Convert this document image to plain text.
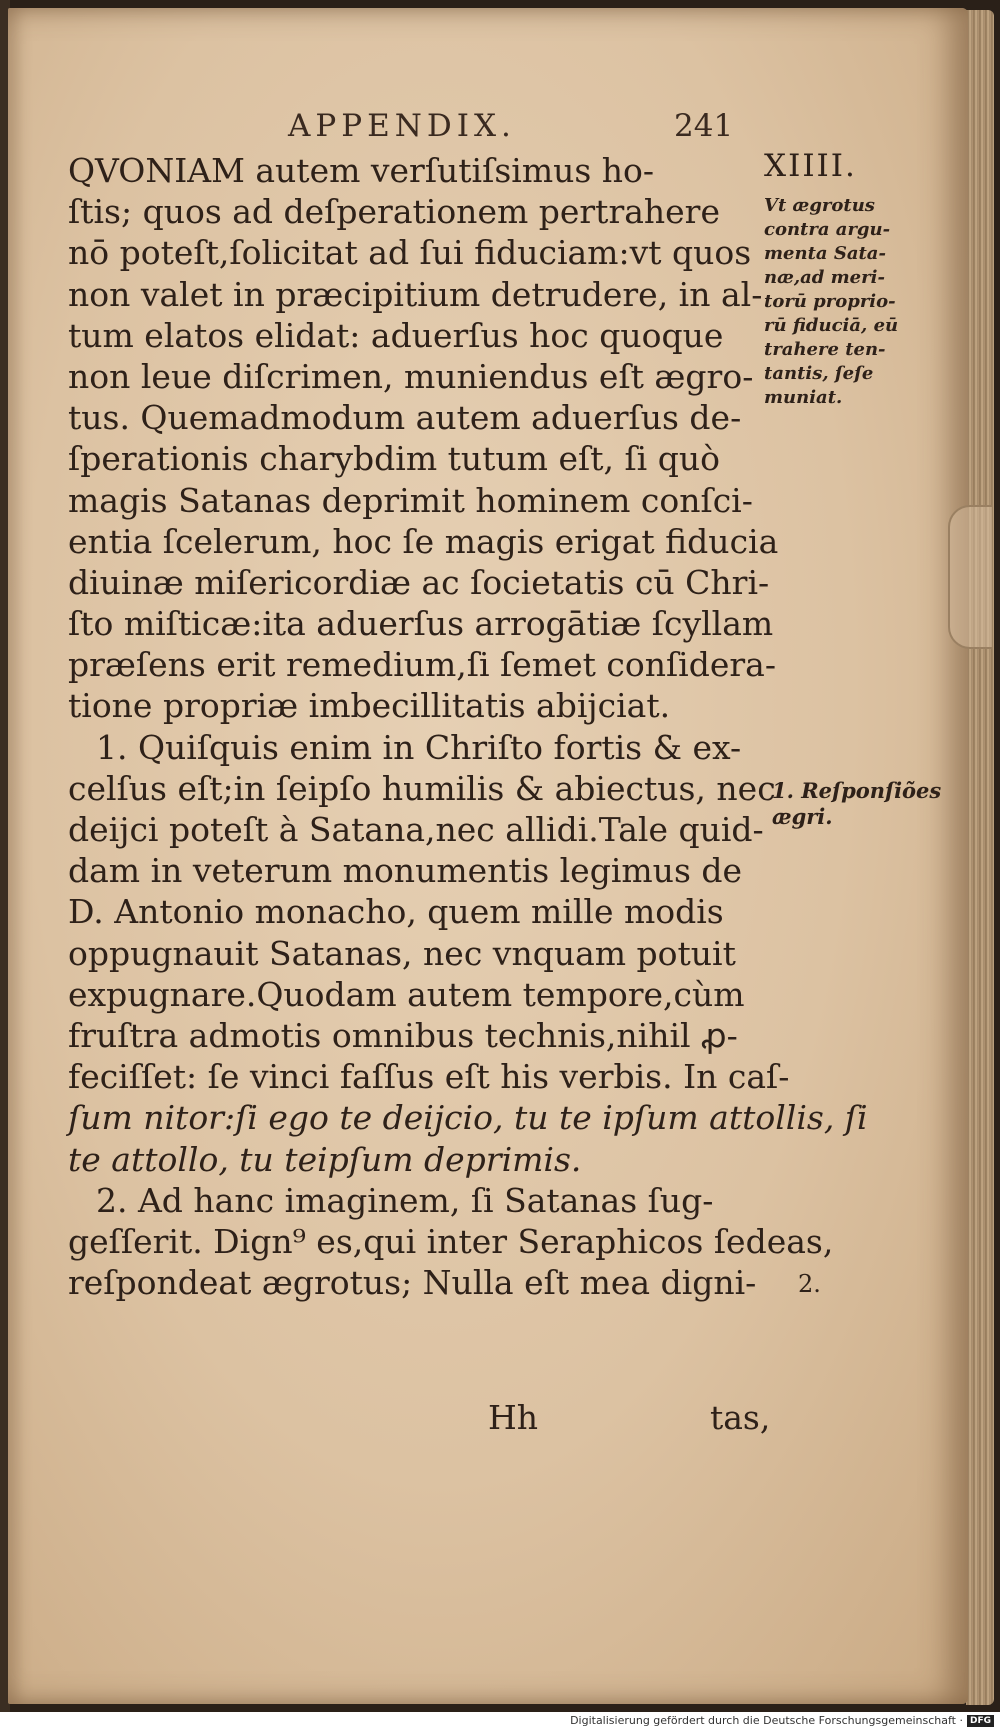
APPENDIX.	241
QVONIAM autem verſutiſsimus ho-
ſtis; quos ad deſperationem pertrahere
nō poteſt,ſolicitat ad ſui fiduciam:vt quos
non valet in præcipitium detrudere, in al-
tum elatos elidat: aduerſus hoc quoque
non leue diſcrimen, muniendus eſt ægro-
tus. Quemadmodum autem aduerſus de-
ſperationis charybdim tutum eſt, ſi quò
magis Satanas deprimit hominem conſci-
entia ſcelerum, hoc ſe magis erigat fiducia
diuinæ miſericordiæ ac ſocietatis cū Chri-
ſto miſticæ:ita aduerſus arrogātiæ ſcyllam
præſens erit remedium,ſi ſemet conſidera-
tione propriæ imbecillitatis abijciat.
1. Quiſquis enim in Chriſto fortis & ex-
celſus eſt;in ſeipſo humilis & abiectus, nec
deijci poteſt à Satana,nec allidi.Tale quid-
dam in veterum monumentis legimus de
D. Antonio monacho, quem mille modis
oppugnauit Satanas, nec vnquam potuit
expugnare.Quodam autem tempore,cùm
fruſtra admotis omnibus technis,nihil ꝓ-
feciſſet: ſe vinci faſſus eſt his verbis. In caſ-
ſum nitor:ſi ego te deijcio, tu te ipſum attollis, ſi
te attollo, tu teipſum deprimis.
2. Ad hanc imaginem, ſi Satanas ſug-
geſſerit. Dign⁹ es,qui inter Seraphicos ſedeas,
reſpondeat ægrotus; Nulla eſt mea digni-
XIIII.
Vt ægrotus
contra argu-
menta Sata-
næ,ad meri-
torū proprio-
rū fiduciā, eū
trahere ten-
tantis, ſeſe
muniat.
1. Reſponſiões
ægri.
2.
Hh	tas,
Digitalisierung gefördert durch die Deutsche Forschungsgemeinschaft · DFG
